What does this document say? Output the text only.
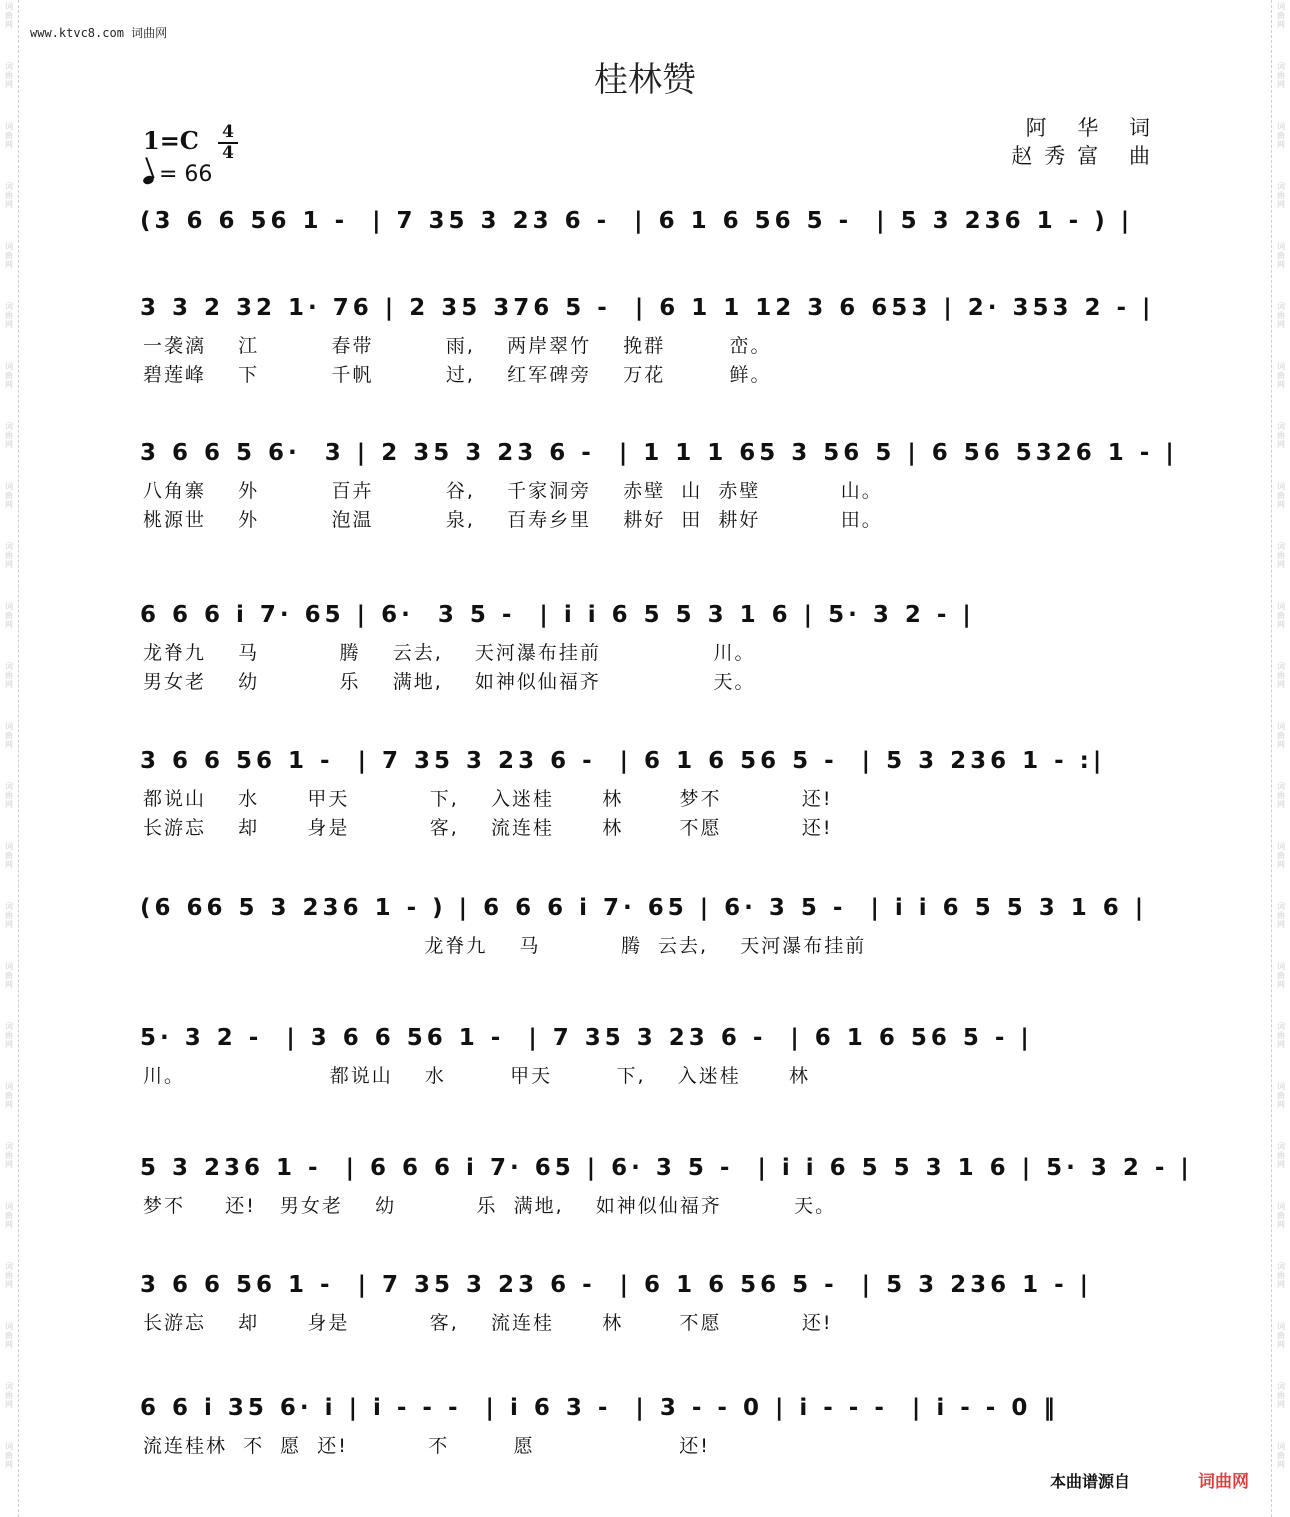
词曲网
词曲网
词曲网
词曲网
词曲网
词曲网
词曲网
词曲网
词曲网
词曲网
词曲网
词曲网
词曲网
词曲网
词曲网
词曲网
词曲网
词曲网
词曲网
词曲网
词曲网
词曲网
词曲网
词曲网
词曲网
词曲网
词曲网
词曲网
词曲网
词曲网
词曲网
词曲网
词曲网
词曲网
词曲网
词曲网
词曲网
词曲网
词曲网
词曲网
词曲网
词曲网
词曲网
词曲网
词曲网
词曲网
词曲网
词曲网
词曲网
词曲网
www.ktvc8.com 词曲网
桂林赞
阿 华 词
赵秀富 曲
1=C 4
4
= 66
(3 6 6 56 1 -  | 7 35 3 23 6 -  | 6 1 6 56 5 -  | 5 3 236 1 - ) |
3 3 2 32 1· 76 | 2 35 376 5 -  | 6 1 1 12 3 6 653 | 2· 353 2 - |
一袭漓    江         春带         雨,    两岸翠竹    挽群        峦。
碧莲峰    下         千帆         过,    红军碑旁    万花        鲜。
3 6 6 5 6·  3 | 2 35 3 23 6 -  | 1 1 1 65 3 56 5 | 6 56 5326 1 - |
八角寨    外         百卉         谷,    千家洞旁    赤壁  山  赤壁          山。
桃源世    外         泡温         泉,    百寿乡里    耕好  田  耕好          田。
6 6 6 i 7· 65 | 6·  3 5 -  | i i 6 5 5 3 1 6 | 5· 3 2 - |
龙脊九    马          腾    云去,    天河瀑布挂前              川。
男女老    幼          乐    满地,    如神似仙福齐              天。
3 6 6 56 1 -  | 7 35 3 23 6 -  | 6 1 6 56 5 -  | 5 3 236 1 - :|
都说山    水      甲天          下,    入迷桂      林       梦不          还!
长游忘    却      身是          客,    流连桂      林       不愿          还!
(6 66 5 3 236 1 - ) | 6 6 6 i 7· 65 | 6· 3 5 -  | i i 6 5 5 3 1 6 |
龙脊九    马          腾  云去,    天河瀑布挂前
5· 3 2 -  | 3 6 6 56 1 -  | 7 35 3 23 6 -  | 6 1 6 56 5 - |
川。                  都说山    水        甲天        下,    入迷桂      林
5 3 236 1 -  | 6 6 6 i 7· 65 | 6· 3 5 -  | i i 6 5 5 3 1 6 | 5· 3 2 - |
梦不     还!   男女老    幼          乐  满地,    如神似仙福齐         天。
3 6 6 56 1 -  | 7 35 3 23 6 -  | 6 1 6 56 5 -  | 5 3 236 1 - |
长游忘    却      身是          客,    流连桂      林       不愿          还!
6 6 i 35 6· i | i - - -  | i 6 3 -  | 3 - - 0 | i - - -  | i - - 0 ‖
流连桂林  不  愿  还!          不        愿                  还!
本曲谱源自	词曲网
